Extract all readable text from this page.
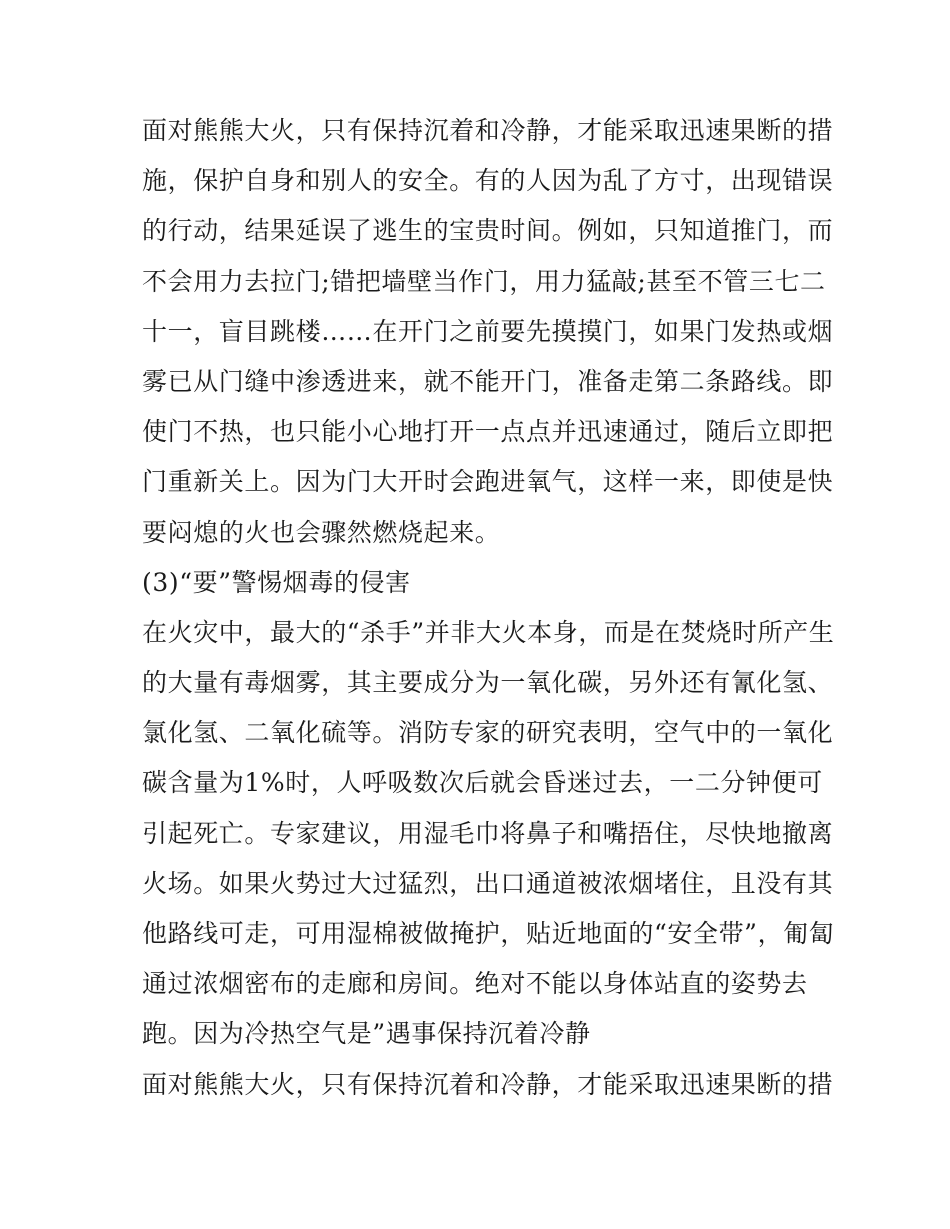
面对熊熊大火，只有保持沉着和冷静，才能采取迅速果断的措
施，保护自身和别人的安全。有的人因为乱了方寸，出现错误
的行动，结果延误了逃生的宝贵时间。例如，只知道推门，而
不会用力去拉门;错把墙壁当作门，用力猛敲;甚至不管三七二
十一，盲目跳楼……在开门之前要先摸摸门，如果门发热或烟
雾已从门缝中渗透进来，就不能开门，准备走第二条路线。即
使门不热，也只能小心地打开一点点并迅速通过，随后立即把
门重新关上。因为门大开时会跑进氧气，这样一来，即使是快
要闷熄的火也会骤然燃烧起来。
(3)“要”警惕烟毒的侵害
在火灾中，最大的“杀手”并非大火本身，而是在焚烧时所产生
的大量有毒烟雾，其主要成分为一氧化碳，另外还有氰化氢、
氯化氢、二氧化硫等。消防专家的研究表明，空气中的一氧化
碳含量为1%时，人呼吸数次后就会昏迷过去，一二分钟便可
引起死亡。专家建议，用湿毛巾将鼻子和嘴捂住，尽快地撤离
火场。如果火势过大过猛烈，出口通道被浓烟堵住，且没有其
他路线可走，可用湿棉被做掩护，贴近地面的“安全带”，匍匐
通过浓烟密布的走廊和房间。绝对不能以身体站直的姿势去
跑。因为冷热空气是”遇事保持沉着冷静
面对熊熊大火，只有保持沉着和冷静，才能采取迅速果断的措
